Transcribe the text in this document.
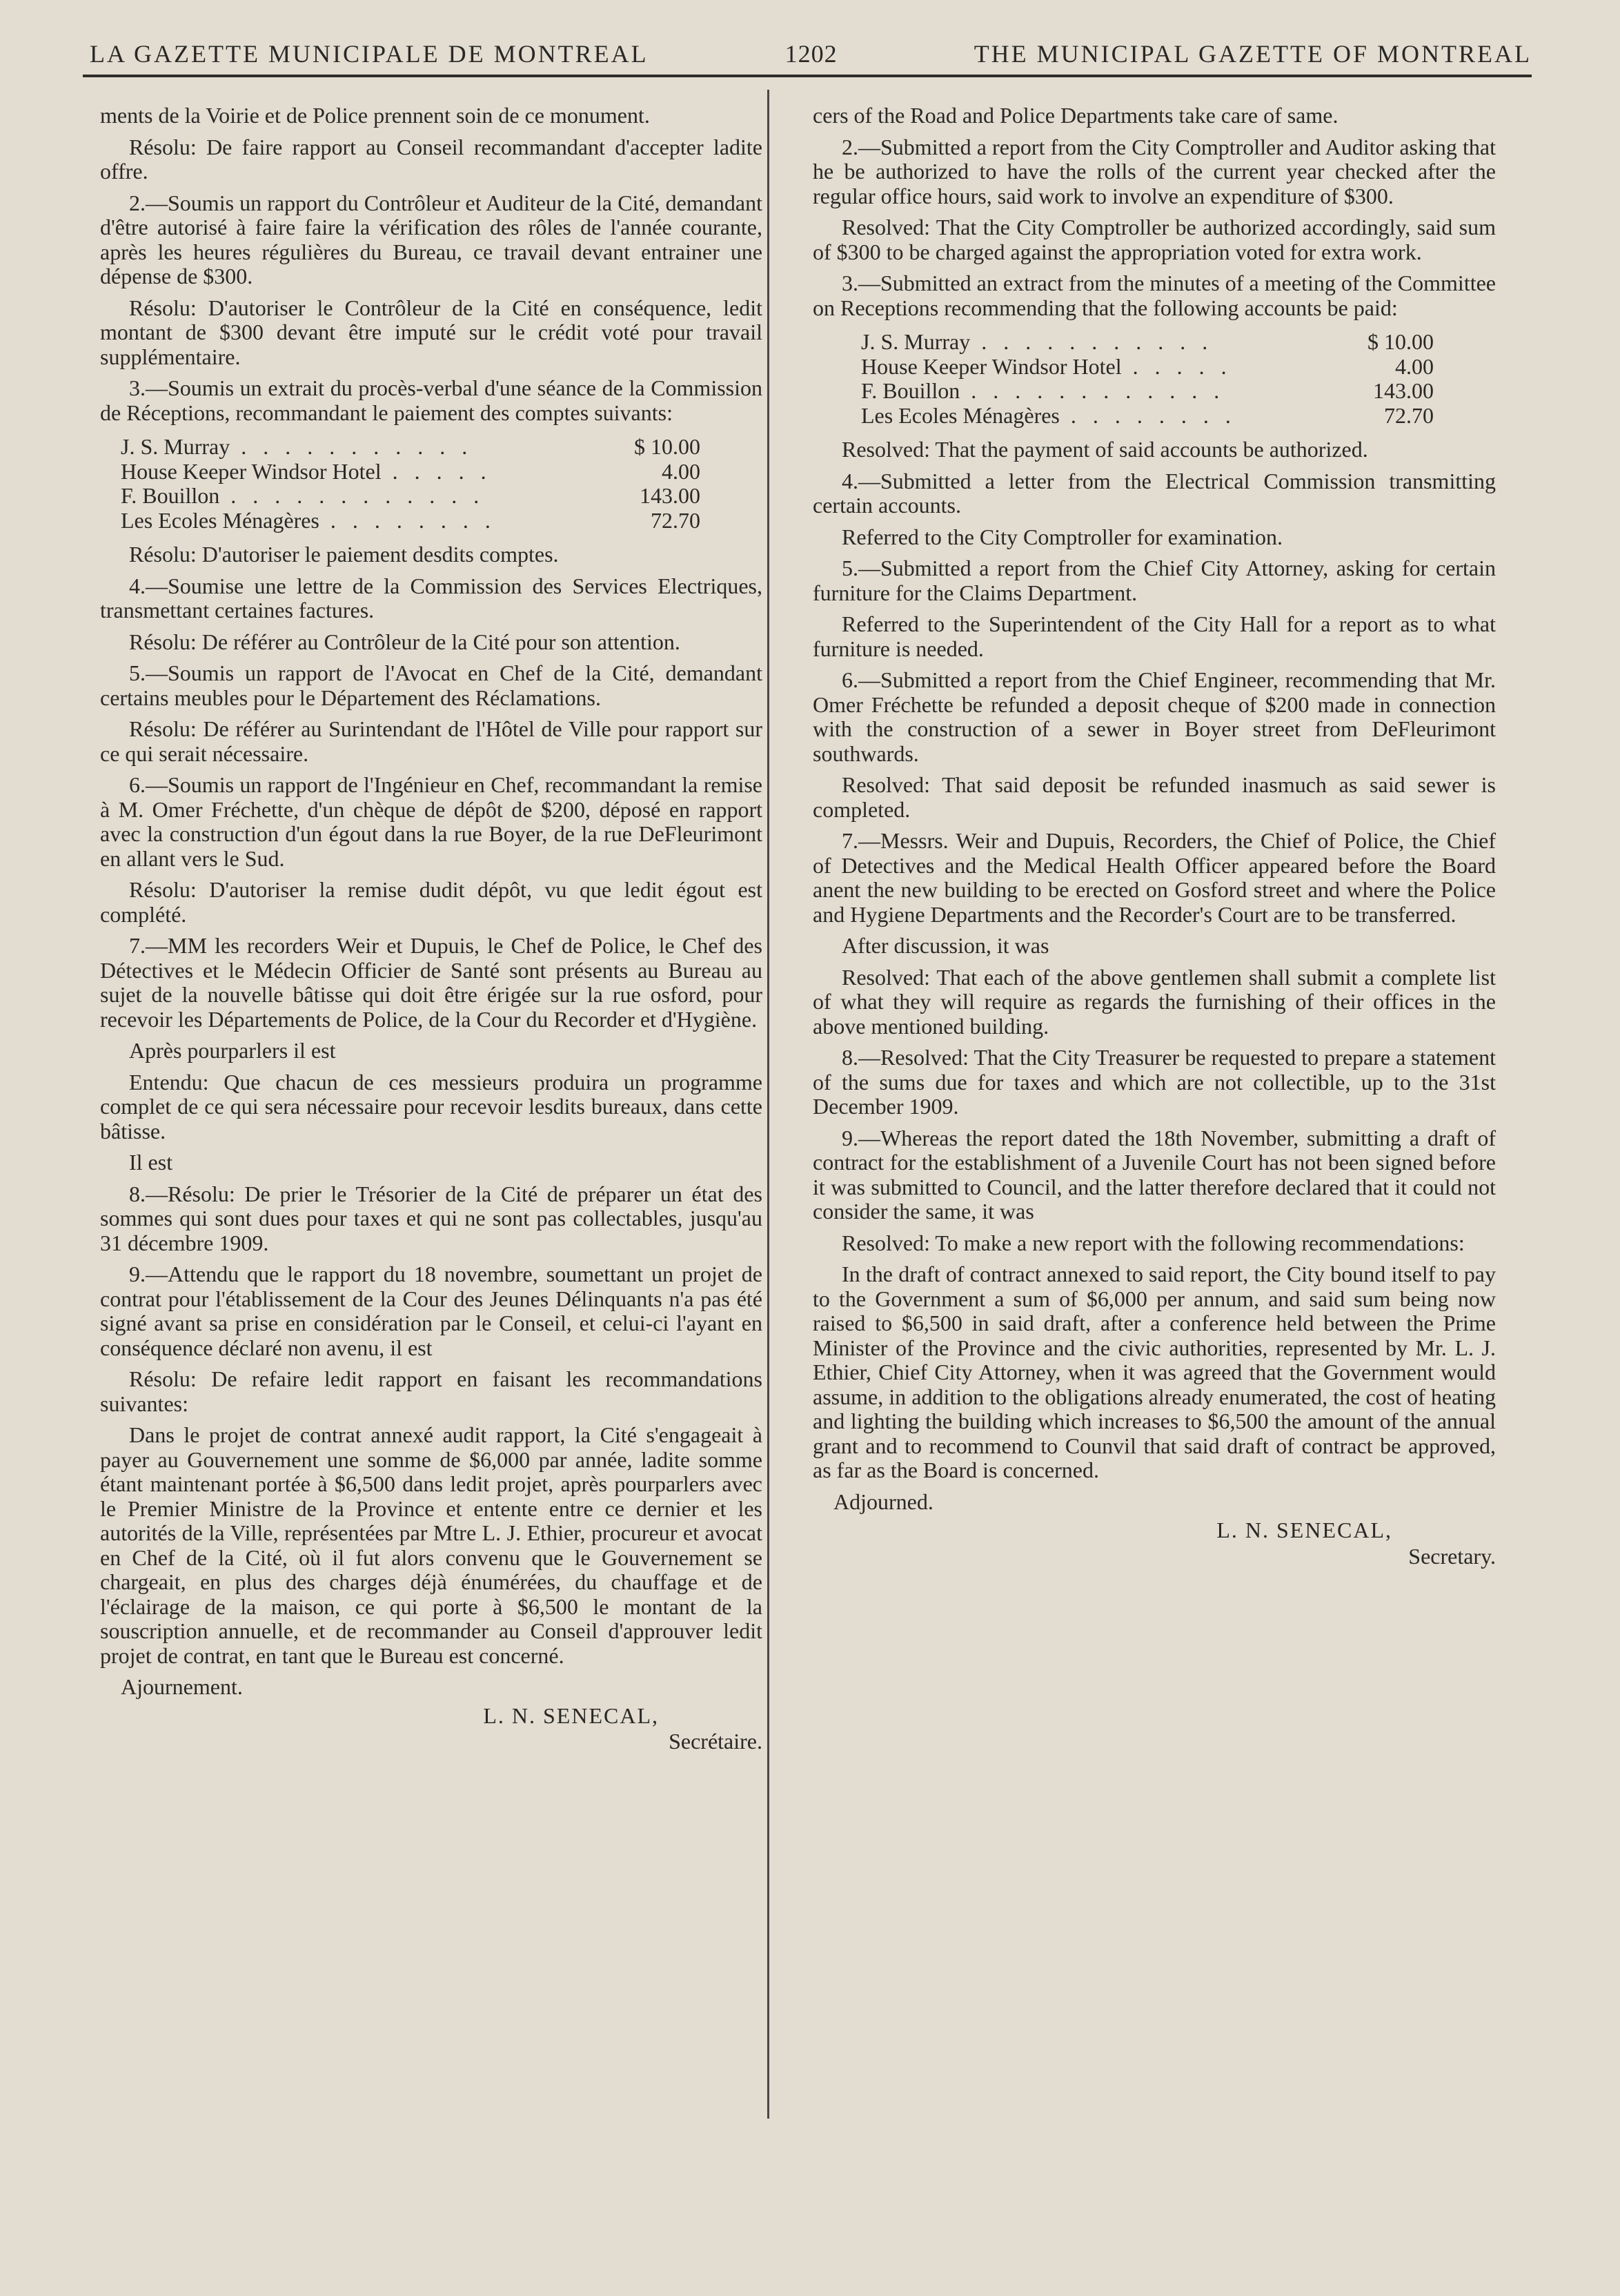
LA GAZETTE MUNICIPALE DE MONTREAL	1202	THE MUNICIPAL GAZETTE OF MONTREAL

ments de la Voirie et de Police prennent soin de ce monument.

Résolu: De faire rapport au Conseil recommandant d'accepter ladite offre.

2.—Soumis un rapport du Contrôleur et Auditeur de la Cité, demandant d'être autorisé à faire faire la vérification des rôles de l'année courante, après les heures régulières du Bureau, ce travail devant entrainer une dépense de $300.

Résolu: D'autoriser le Contrôleur de la Cité en conséquence, ledit montant de $300 devant être imputé sur le crédit voté pour travail supplémentaire.

3.—Soumis un extrait du procès-verbal d'une séance de la Commission de Réceptions, recommandant le paiement des comptes suivants:

J. S. Murray . . . . . . . . . . .	$ 10.00
House Keeper Windsor Hotel . . . . .	4.00
F. Bouillon . . . . . . . . . . . .	143.00
Les Ecoles Ménagères . . . . . . . .	72.70

Résolu: D'autoriser le paiement desdits comptes.

4.—Soumise une lettre de la Commission des Services Electriques, transmettant certaines factures.

Résolu: De référer au Contrôleur de la Cité pour son attention.

5.—Soumis un rapport de l'Avocat en Chef de la Cité, demandant certains meubles pour le Département des Réclamations.

Résolu: De référer au Surintendant de l'Hôtel de Ville pour rapport sur ce qui serait nécessaire.

6.—Soumis un rapport de l'Ingénieur en Chef, recommandant la remise à M. Omer Fréchette, d'un chèque de dépôt de $200, déposé en rapport avec la construction d'un égout dans la rue Boyer, de la rue DeFleurimont en allant vers le Sud.

Résolu: D'autoriser la remise dudit dépôt, vu que ledit égout est complété.

7.—MM les recorders Weir et Dupuis, le Chef de Police, le Chef des Détectives et le Médecin Officier de Santé sont présents au Bureau au sujet de la nouvelle bâtisse qui doit être érigée sur la rue osford, pour recevoir les Départements de Police, de la Cour du Recorder et d'Hygiène.

Après pourparlers il est

Entendu: Que chacun de ces messieurs produira un programme complet de ce qui sera nécessaire pour recevoir lesdits bureaux, dans cette bâtisse.

Il est

8.—Résolu: De prier le Trésorier de la Cité de préparer un état des sommes qui sont dues pour taxes et qui ne sont pas collectables, jusqu'au 31 décembre 1909.

9.—Attendu que le rapport du 18 novembre, soumettant un projet de contrat pour l'établissement de la Cour des Jeunes Délinquants n'a pas été signé avant sa prise en considération par le Conseil, et celui-ci l'ayant en conséquence déclaré non avenu, il est

Résolu: De refaire ledit rapport en faisant les recommandations suivantes:

Dans le projet de contrat annexé audit rapport, la Cité s'engageait à payer au Gouvernement une somme de $6,000 par année, ladite somme étant maintenant portée à $6,500 dans ledit projet, après pourparlers avec le Premier Ministre de la Province et entente entre ce dernier et les autorités de la Ville, représentées par Mtre L. J. Ethier, procureur et avocat en Chef de la Cité, où il fut alors convenu que le Gouvernement se chargeait, en plus des charges déjà énumérées, du chauffage et de l'éclairage de la maison, ce qui porte à $6,500 le montant de la souscription annuelle, et de recommander au Conseil d'approuver ledit projet de contrat, en tant que le Bureau est concerné.

Ajournement.

L. N. SENECAL,
Secrétaire.

cers of the Road and Police Departments take care of same.

2.—Submitted a report from the City Comptroller and Auditor asking that he be authorized to have the rolls of the current year checked after the regular office hours, said work to involve an expenditure of $300.

Resolved: That the City Comptroller be authorized accordingly, said sum of $300 to be charged against the appropriation voted for extra work.

3.—Submitted an extract from the minutes of a meeting of the Committee on Receptions recommending that the following accounts be paid:

J. S. Murray . . . . . . . . . . .	$ 10.00
House Keeper Windsor Hotel . . . . .	4.00
F. Bouillon . . . . . . . . . . . .	143.00
Les Ecoles Ménagères . . . . . . . .	72.70

Resolved: That the payment of said accounts be authorized.

4.—Submitted a letter from the Electrical Commission transmitting certain accounts.

Referred to the City Comptroller for examination.

5.—Submitted a report from the Chief City Attorney, asking for certain furniture for the Claims Department.

Referred to the Superintendent of the City Hall for a report as to what furniture is needed.

6.—Submitted a report from the Chief Engineer, recommending that Mr. Omer Fréchette be refunded a deposit cheque of $200 made in connection with the construction of a sewer in Boyer street from DeFleurimont southwards.

Resolved: That said deposit be refunded inasmuch as said sewer is completed.

7.—Messrs. Weir and Dupuis, Recorders, the Chief of Police, the Chief of Detectives and the Medical Health Officer appeared before the Board anent the new building to be erected on Gosford street and where the Police and Hygiene Departments and the Recorder's Court are to be transferred.

After discussion, it was

Resolved: That each of the above gentlemen shall submit a complete list of what they will require as regards the furnishing of their offices in the above mentioned building.

8.—Resolved: That the City Treasurer be requested to prepare a statement of the sums due for taxes and which are not collectible, up to the 31st December 1909.

9.—Whereas the report dated the 18th November, submitting a draft of contract for the establishment of a Juvenile Court has not been signed before it was submitted to Council, and the latter therefore declared that it could not consider the same, it was

Resolved: To make a new report with the following recommendations:

In the draft of contract annexed to said report, the City bound itself to pay to the Government a sum of $6,000 per annum, and said sum being now raised to $6,500 in said draft, after a conference held between the Prime Minister of the Province and the civic authorities, represented by Mr. L. J. Ethier, Chief City Attorney, when it was agreed that the Government would assume, in addition to the obligations already enumerated, the cost of heating and lighting the building which increases to $6,500 the amount of the annual grant and to recommend to Counvil that said draft of contract be approved, as far as the Board is concerned.

Adjourned.

L. N. SENECAL,
Secretary.
